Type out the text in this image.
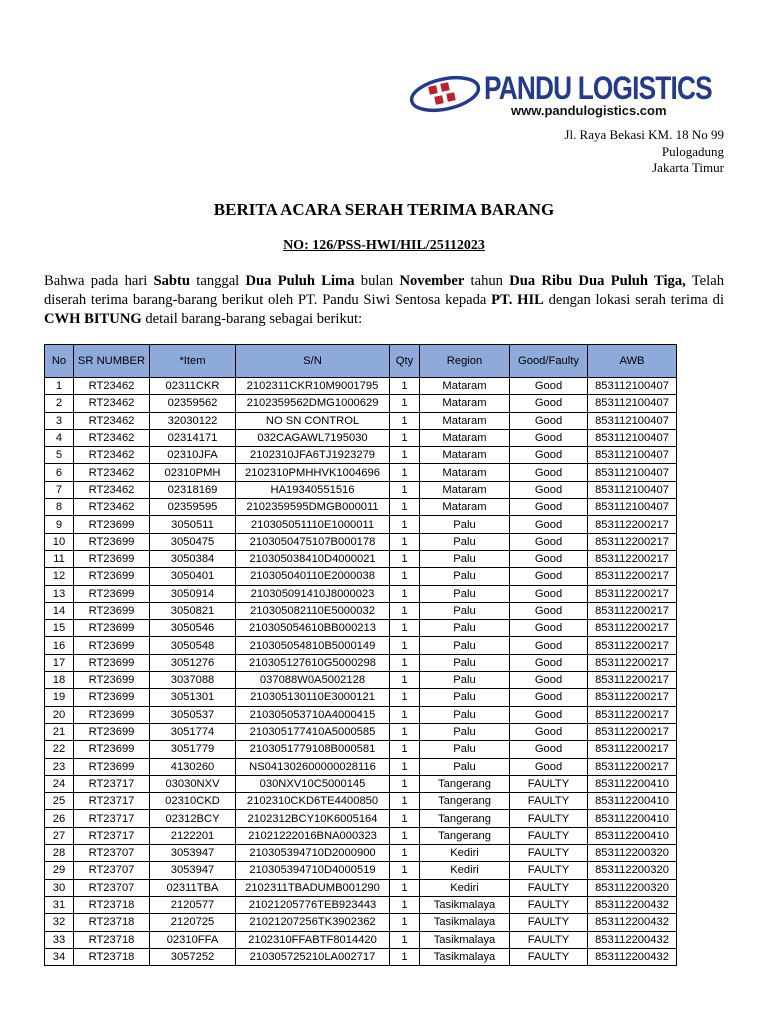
PANDU LOGISTICS
www.pandulogistics.com
Jl. Raya Bekasi KM. 18 No 99
Pulogadung
Jakarta Timur
BERITA ACARA SERAH TERIMA BARANG
NO: 126/PSS-HWI/HIL/25112023

Bahwa pada hari Sabtu tanggal Dua Puluh Lima bulan November tahun Dua Ribu Dua Puluh Tiga, Telah diserah terima barang-barang berikut oleh PT. Pandu Siwi Sentosa kepada PT. HIL dengan lokasi serah terima di CWH BITUNG detail barang-barang sebagai berikut:

No	SR NUMBER	*Item	S/N	Qty	Region	Good/Faulty	AWB
1	RT23462	02311CKR	2102311CKR10M9001795	1	Mataram	Good	853112100407
2	RT23462	02359562	2102359562DMG1000629	1	Mataram	Good	853112100407
3	RT23462	32030122	NO SN CONTROL	1	Mataram	Good	853112100407
4	RT23462	02314171	032CAGAWL7195030	1	Mataram	Good	853112100407
5	RT23462	02310JFA	2102310JFA6TJ1923279	1	Mataram	Good	853112100407
6	RT23462	02310PMH	2102310PMHHVK1004696	1	Mataram	Good	853112100407
7	RT23462	02318169	HA19340551516	1	Mataram	Good	853112100407
8	RT23462	02359595	2102359595DMGB000011	1	Mataram	Good	853112100407
9	RT23699	3050511	210305051110E1000011	1	Palu	Good	853112200217
10	RT23699	3050475	2103050475107B000178	1	Palu	Good	853112200217
11	RT23699	3050384	210305038410D4000021	1	Palu	Good	853112200217
12	RT23699	3050401	210305040110E2000038	1	Palu	Good	853112200217
13	RT23699	3050914	210305091410J8000023	1	Palu	Good	853112200217
14	RT23699	3050821	210305082110E5000032	1	Palu	Good	853112200217
15	RT23699	3050546	210305054610BB000213	1	Palu	Good	853112200217
16	RT23699	3050548	210305054810B5000149	1	Palu	Good	853112200217
17	RT23699	3051276	210305127610G5000298	1	Palu	Good	853112200217
18	RT23699	3037088	037088W0A5002128	1	Palu	Good	853112200217
19	RT23699	3051301	210305130110E3000121	1	Palu	Good	853112200217
20	RT23699	3050537	210305053710A4000415	1	Palu	Good	853112200217
21	RT23699	3051774	210305177410A5000585	1	Palu	Good	853112200217
22	RT23699	3051779	2103051779108B000581	1	Palu	Good	853112200217
23	RT23699	4130260	NS041302600000028116	1	Palu	Good	853112200217
24	RT23717	03030NXV	030NXV10C5000145	1	Tangerang	FAULTY	853112200410
25	RT23717	02310CKD	2102310CKD6TE4400850	1	Tangerang	FAULTY	853112200410
26	RT23717	02312BCY	2102312BCY10K6005164	1	Tangerang	FAULTY	853112200410
27	RT23717	2122201	21021222016BNA000323	1	Tangerang	FAULTY	853112200410
28	RT23707	3053947	210305394710D2000900	1	Kediri	FAULTY	853112200320
29	RT23707	3053947	210305394710D4000519	1	Kediri	FAULTY	853112200320
30	RT23707	02311TBA	2102311TBADUMB001290	1	Kediri	FAULTY	853112200320
31	RT23718	2120577	21021205776TEB923443	1	Tasikmalaya	FAULTY	853112200432
32	RT23718	2120725	21021207256TK3902362	1	Tasikmalaya	FAULTY	853112200432
33	RT23718	02310FFA	2102310FFABTF8014420	1	Tasikmalaya	FAULTY	853112200432
34	RT23718	3057252	210305725210LA002717	1	Tasikmalaya	FAULTY	853112200432
